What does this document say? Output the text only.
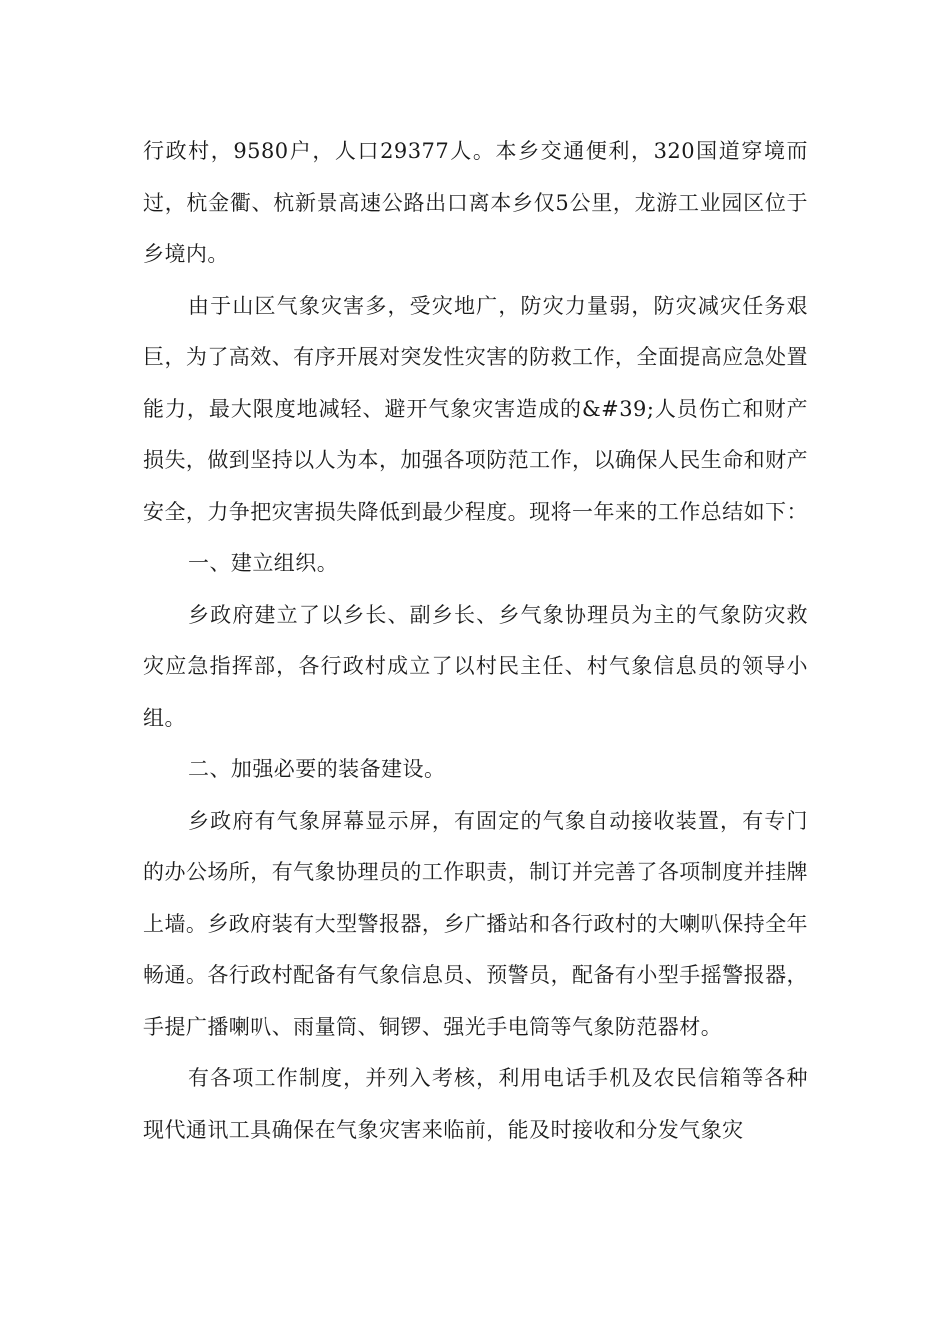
行政村，9580户，人口29377人。本乡交通便利，320国道穿境而过，杭金衢、杭新景高速公路出口离本乡仅5公里，龙游工业园区位于乡境内。

由于山区气象灾害多，受灾地广，防灾力量弱，防灾减灾任务艰巨，为了高效、有序开展对突发性灾害的防救工作，全面提高应急处置能力，最大限度地减轻、避开气象灾害造成的&#39;人员伤亡和财产损失，做到坚持以人为本，加强各项防范工作，以确保人民生命和财产安全，力争把灾害损失降低到最少程度。现将一年来的工作总结如下：

一、建立组织。

乡政府建立了以乡长、副乡长、乡气象协理员为主的气象防灾救灾应急指挥部，各行政村成立了以村民主任、村气象信息员的领导小组。

二、加强必要的装备建设。

乡政府有气象屏幕显示屏，有固定的气象自动接收装置，有专门的办公场所，有气象协理员的工作职责，制订并完善了各项制度并挂牌上墙。乡政府装有大型警报器，乡广播站和各行政村的大喇叭保持全年畅通。各行政村配备有气象信息员、预警员，配备有小型手摇警报器，手提广播喇叭、雨量筒、铜锣、强光手电筒等气象防范器材。

有各项工作制度，并列入考核，利用电话手机及农民信箱等各种现代通讯工具确保在气象灾害来临前，能及时接收和分发气象灾
